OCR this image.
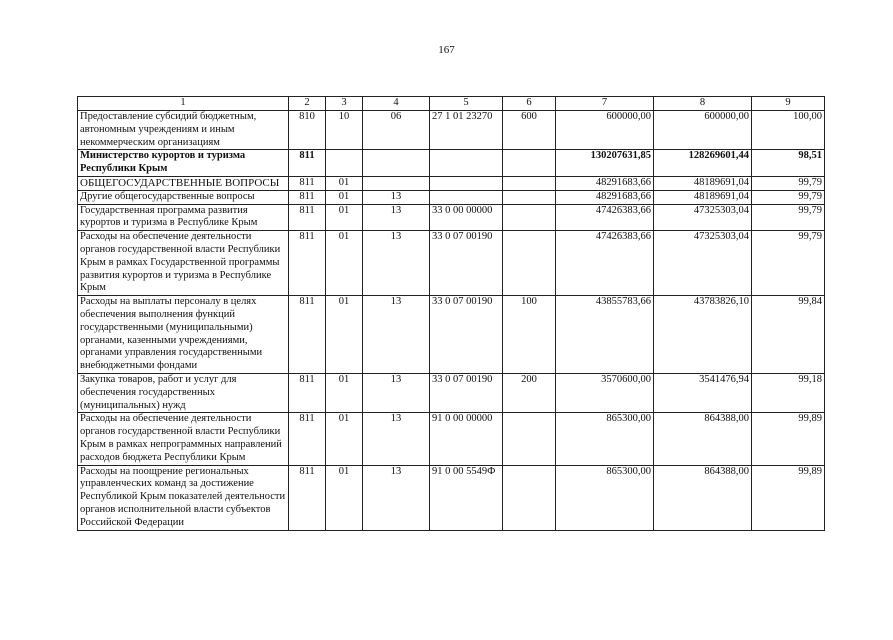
167
1	2	3	4	5	6	7	8	9
Предоставление субсидий бюджетным, автономным учреждениям и иным некоммерческим организациям	810	10	06	27 1 01 23270	600	600000,00	600000,00	100,00
Министерство курортов и туризма Республики Крым	811					130207631,85	128269601,44	98,51
ОБЩЕГОСУДАРСТВЕННЫЕ ВОПРОСЫ	811	01				48291683,66	48189691,04	99,79
Другие общегосударственные вопросы	811	01	13			48291683,66	48189691,04	99,79
Государственная программа развития курортов и туризма в Республике Крым	811	01	13	33 0 00 00000		47426383,66	47325303,04	99,79
Расходы на обеспечение деятельности органов государственной власти Республики Крым в рамках Государственной программы развития курортов и туризма в Республике Крым	811	01	13	33 0 07 00190		47426383,66	47325303,04	99,79
Расходы на выплаты персоналу в целях обеспечения выполнения функций государственными (муниципальными) органами, казенными учреждениями, органами управления государственными внебюджетными фондами	811	01	13	33 0 07 00190	100	43855783,66	43783826,10	99,84
Закупка товаров, работ и услуг для обеспечения государственных (муниципальных) нужд	811	01	13	33 0 07 00190	200	3570600,00	3541476,94	99,18
Расходы на обеспечение деятельности органов государственной власти Республики Крым в рамках непрограммных направлений расходов бюджета Республики Крым	811	01	13	91 0 00 00000		865300,00	864388,00	99,89
Расходы на поощрение региональных управленческих команд за достижение Республикой Крым показателей деятельности органов исполнительной власти субъектов Российской Федерации	811	01	13	91 0 00 5549Ф		865300,00	864388,00	99,89
